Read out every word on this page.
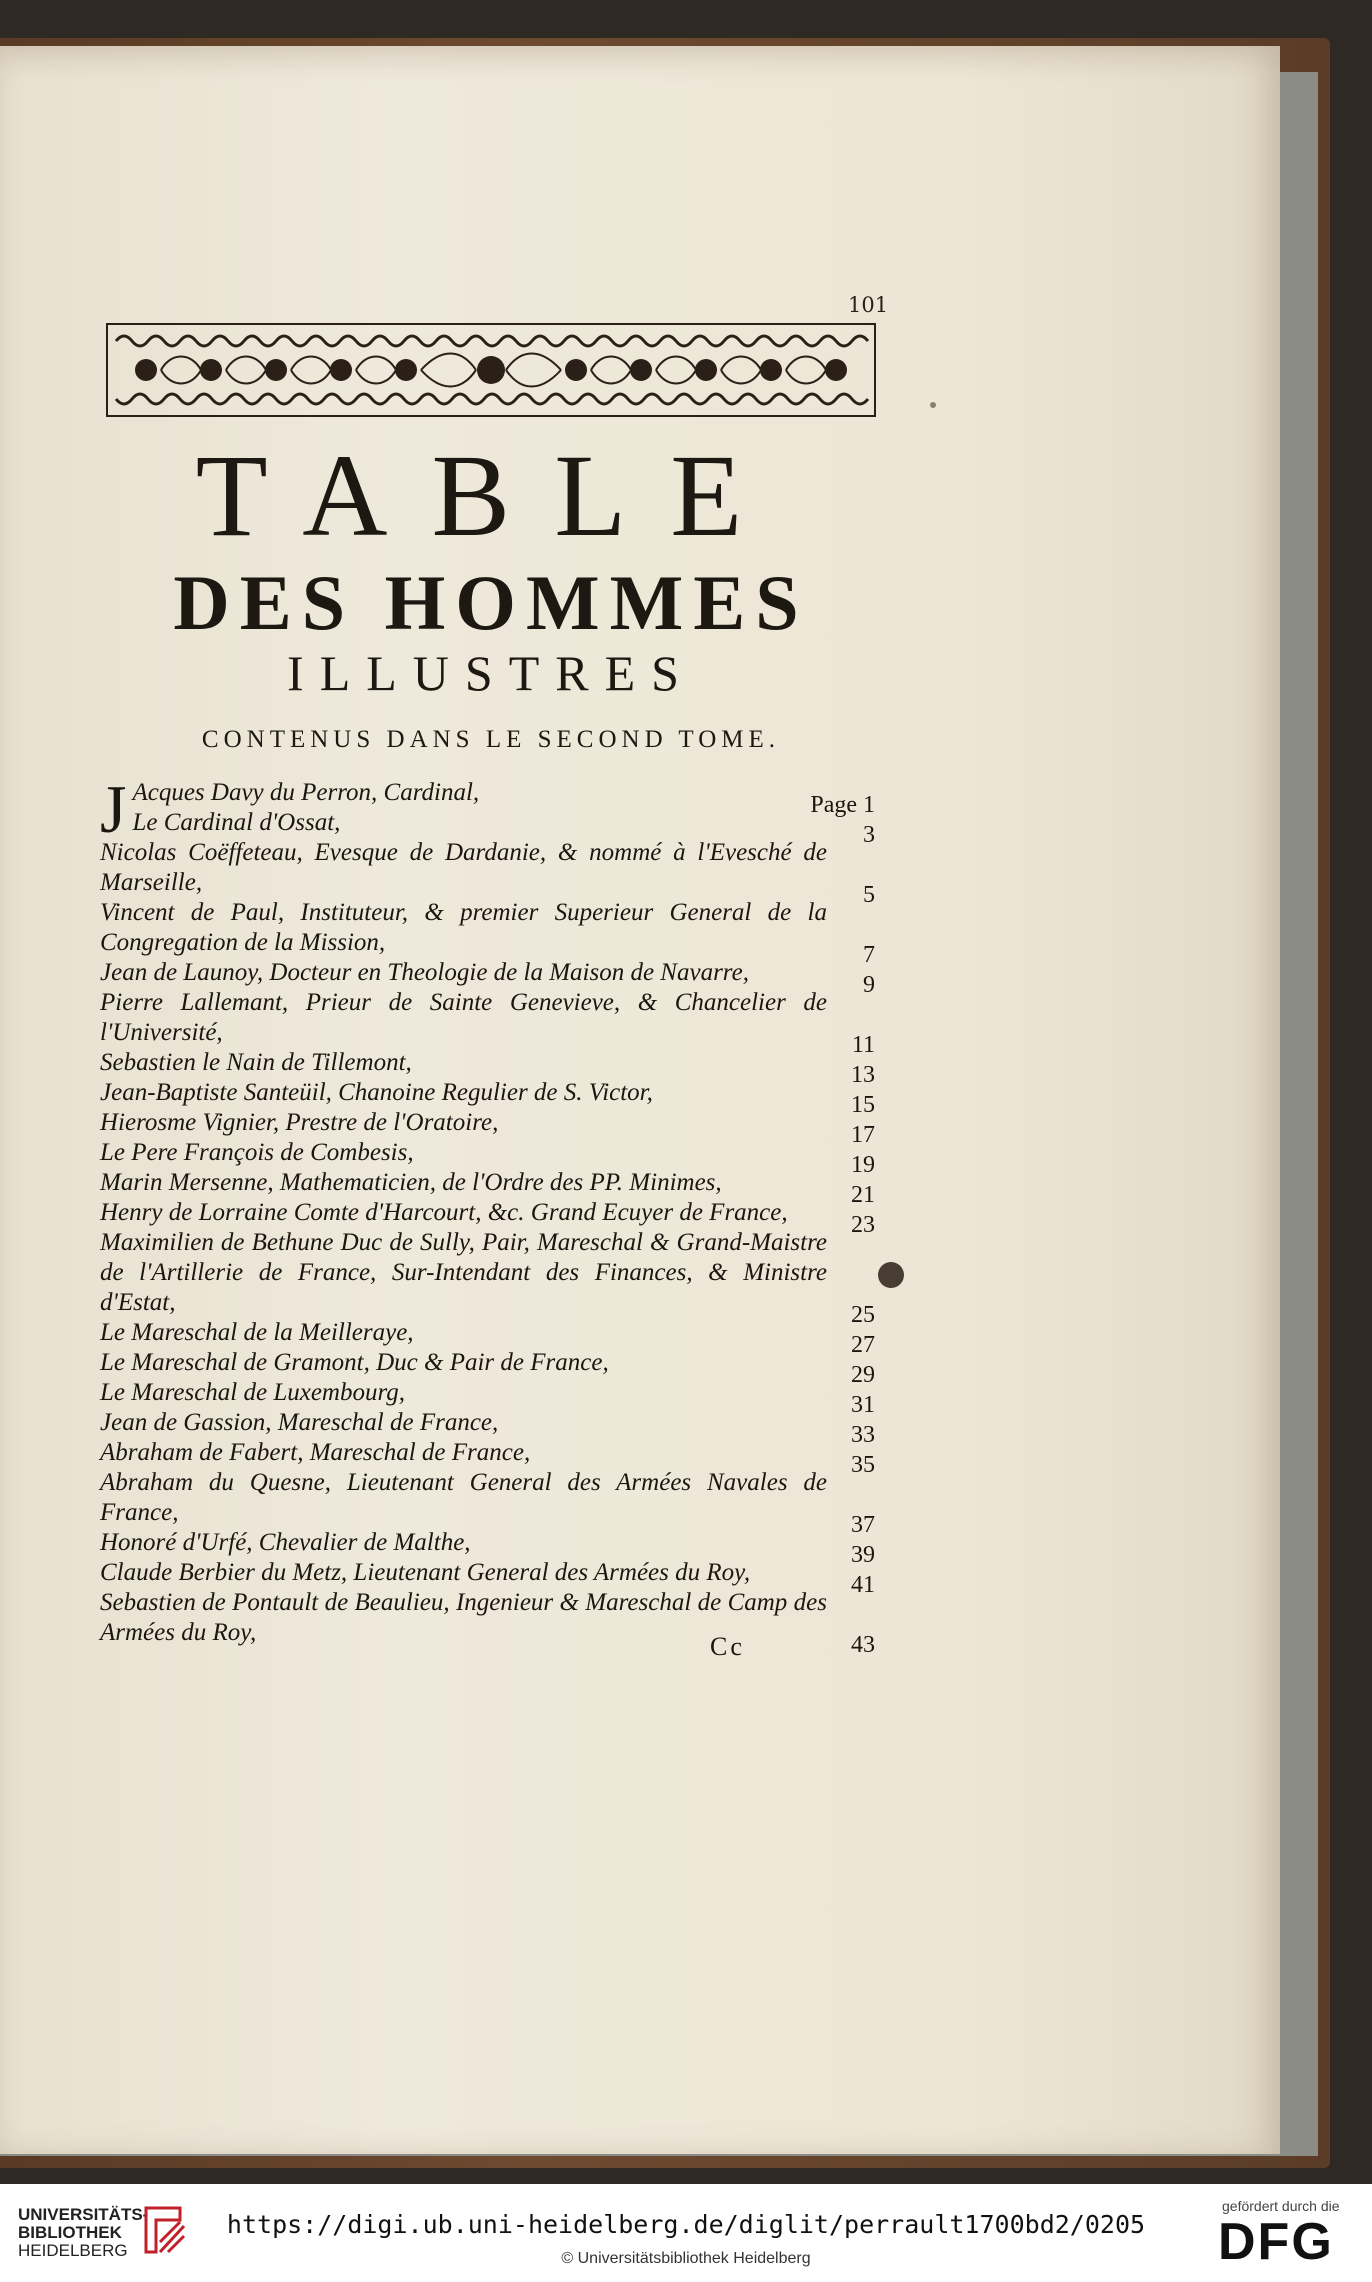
101
TABLE
DES HOMMES
ILLUSTRES
CONTENUS DANS LE SECOND TOME.
J Acques Davy du Perron, Cardinal,	Page 1
Le Cardinal d'Ossat,	3
Nicolas Coëffeteau, Evesque de Dardanie, & nommé à l'Evesché de Marseille,	5
Vincent de Paul, Instituteur, & premier Superieur General de la Congregation de la Mission,	7
Jean de Launoy, Docteur en Theologie de la Maison de Navarre,	9
Pierre Lallemant, Prieur de Sainte Genevieve, & Chancelier de l'Université,	11
Sebastien le Nain de Tillemont,	13
Jean-Baptiste Santeüil, Chanoine Regulier de S. Victor,	15
Hierosme Vignier, Prestre de l'Oratoire,	17
Le Pere François de Combesis,	19
Marin Mersenne, Mathematicien, de l'Ordre des PP. Minimes,	21
Henry de Lorraine Comte d'Harcourt, &c. Grand Ecuyer de France,	23
Maximilien de Bethune Duc de Sully, Pair, Mareschal & Grand-Maistre de l'Artillerie de France, Sur-Intendant des Finances, & Ministre d'Estat,	25
Le Mareschal de la Meilleraye,	27
Le Mareschal de Gramont, Duc & Pair de France,	29
Le Mareschal de Luxembourg,	31
Jean de Gassion, Mareschal de France,	33
Abraham de Fabert, Mareschal de France,	35
Abraham du Quesne, Lieutenant General des Armées Navales de France,	37
Honoré d'Urfé, Chevalier de Malthe,	39
Claude Berbier du Metz, Lieutenant General des Armées du Roy,	41
Sebastien de Pontault de Beaulieu, Ingenieur & Mareschal de Camp des Armées du Roy,	43
Cc
UNIVERSITÄTS-
BIBLIOTHEK
HEIDELBERG
https://digi.ub.uni-heidelberg.de/diglit/perrault1700bd2/0205
© Universitätsbibliothek Heidelberg
gefördert durch die
DFG
